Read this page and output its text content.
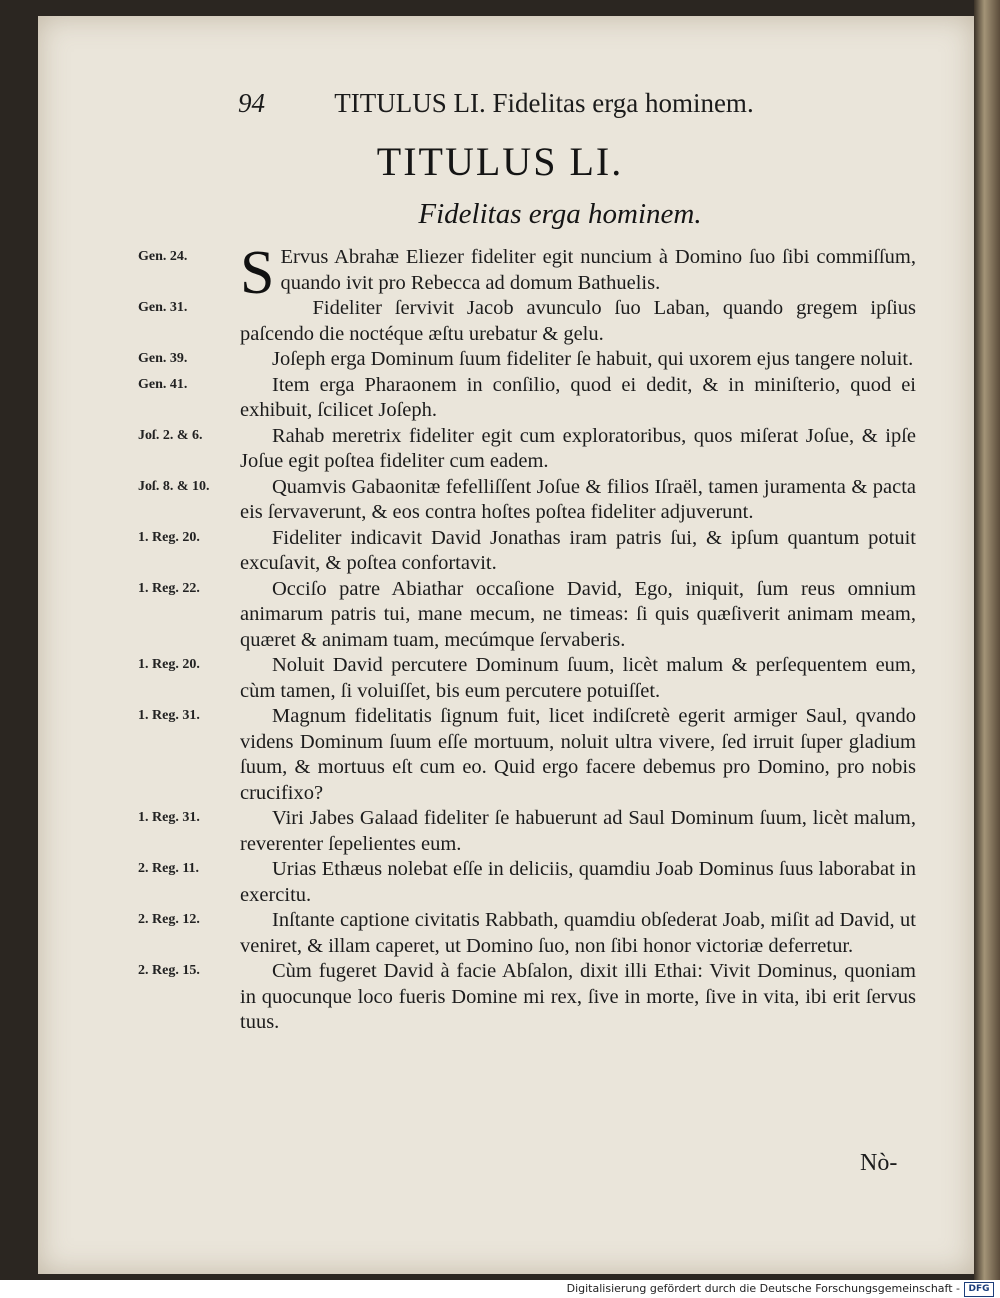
94	TITULUS LI. Fidelitas erga hominem.
TITULUS LI.
Fidelitas erga hominem.
Gen. 24. S Ervus Abrahæ Eliezer fideliter egit nuncium à Domino ſuo ſibi commiſſum, quando ivit pro Rebecca ad domum Bathuelis.
Gen. 31.	Fideliter ſervivit Jacob avunculo ſuo Laban, quando gregem ipſius paſcendo die noctéque æſtu urebatur & gelu.
Gen. 39.	Joſeph erga Dominum ſuum fideliter ſe habuit, qui uxorem ejus tangere noluit.
Gen. 41.	Item erga Pharaonem in conſilio, quod ei dedit, & in miniſterio, quod ei exhibuit, ſcilicet Joſeph.
Joſ. 2. & 6.	Rahab meretrix fideliter egit cum exploratoribus, quos miſerat Joſue, & ipſe Joſue egit poſtea fideliter cum eadem.
Joſ. 8. & 10.	Quamvis Gabaonitæ fefelliſſent Joſue & filios Iſraël, tamen juramenta & pacta eis ſervaverunt, & eos contra hoſtes poſtea fideliter adjuverunt.
1. Reg. 20.	Fideliter indicavit David Jonathas iram patris ſui, & ipſum quantum potuit excuſavit, & poſtea confortavit.
1. Reg. 22.	Occiſo patre Abiathar occaſione David, Ego, iniquit, ſum reus omnium animarum patris tui, mane mecum, ne timeas: ſi quis quæſiverit animam meam, quæret & animam tuam, mecúmque ſervaberis.
1. Reg. 20.	Noluit David percutere Dominum ſuum, licèt malum & perſequentem eum, cùm tamen, ſi voluiſſet, bis eum percutere potuiſſet.
1. Reg. 31.	Magnum fidelitatis ſignum fuit, licet indiſcretè egerit armiger Saul, qvando videns Dominum ſuum eſſe mortuum, noluit ultra vivere, ſed irruit ſuper gladium ſuum, & mortuus eſt cum eo. Quid ergo facere debemus pro Domino, pro nobis crucifixo?
1. Reg. 31.	Viri Jabes Galaad fideliter ſe habuerunt ad Saul Dominum ſuum, licèt malum, reverenter ſepelientes eum.
2. Reg. 11.	Urias Ethæus nolebat eſſe in deliciis, quamdiu Joab Dominus ſuus laborabat in exercitu.
2. Reg. 12.	Inſtante captione civitatis Rabbath, quamdiu obſederat Joab, miſit ad David, ut veniret, & illam caperet, ut Domino ſuo, non ſibi honor victoriæ deferretur.
2. Reg. 15.	Cùm fugeret David à facie Abſalon, dixit illi Ethai: Vivit Dominus, quoniam in quocunque loco fueris Domine mi rex, ſive in morte, ſive in vita, ibi erit ſervus tuus.
Nò-
Digitalisierung gefördert durch die Deutsche Forschungsgemeinschaft - DFG
